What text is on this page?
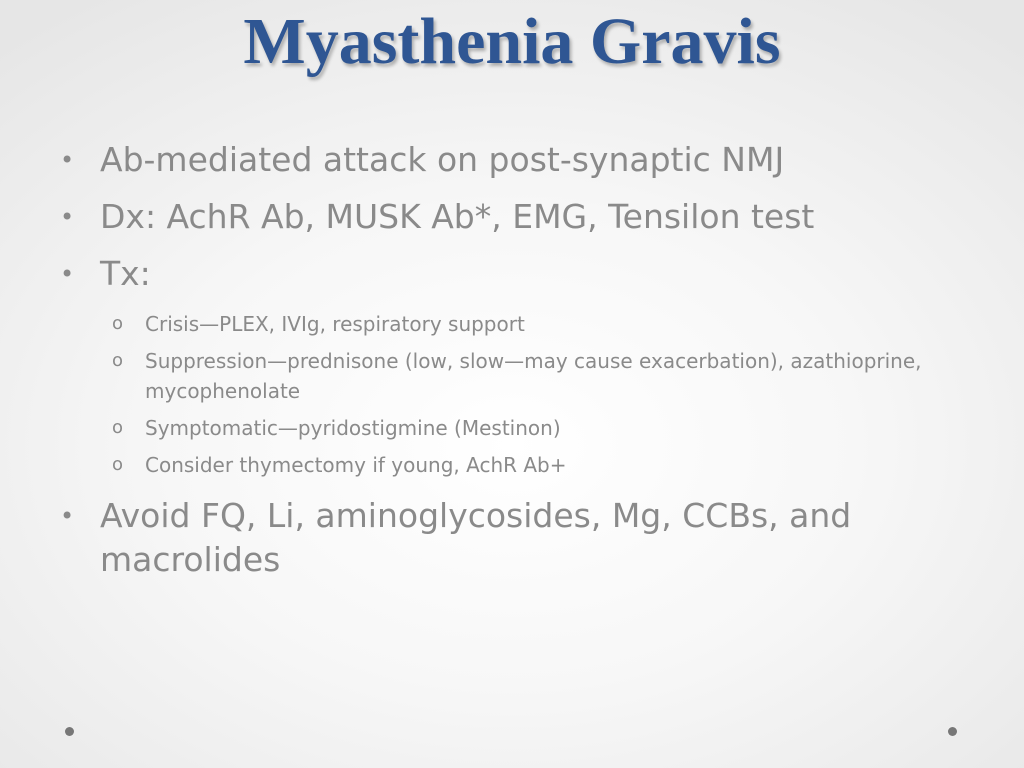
Myasthenia Gravis
• Ab-mediated attack on post-synaptic NMJ
• Dx: AchR Ab, MUSK Ab*, EMG, Tensilon test
• Tx:
o Crisis—PLEX, IVIg, respiratory support
o Suppression—prednisone (low, slow—may cause exacerbation), azathioprine, mycophenolate
o Symptomatic—pyridostigmine (Mestinon)
o Consider thymectomy if young, AchR Ab+
• Avoid FQ, Li, aminoglycosides, Mg, CCBs, and macrolides
